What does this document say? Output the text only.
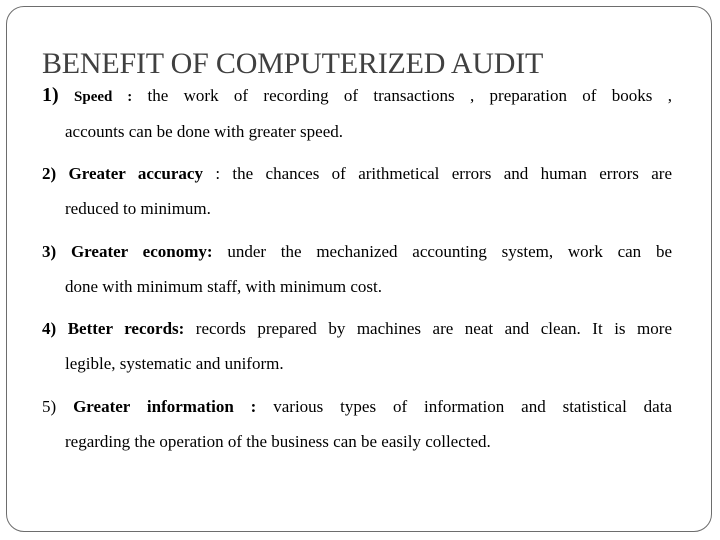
BENEFIT OF COMPUTERIZED AUDIT
1) Speed : the work of recording of transactions , preparation of books ,
accounts can be done with greater speed.
2) Greater accuracy : the chances of arithmetical errors and human errors are
reduced to minimum.
3) Greater economy: under the mechanized accounting system, work can be
done with minimum staff, with minimum cost.
4) Better records: records prepared by machines are neat and clean. It is more
legible, systematic and uniform.
5) Greater information : various types of information and statistical data
regarding the operation of the business can be easily collected.
